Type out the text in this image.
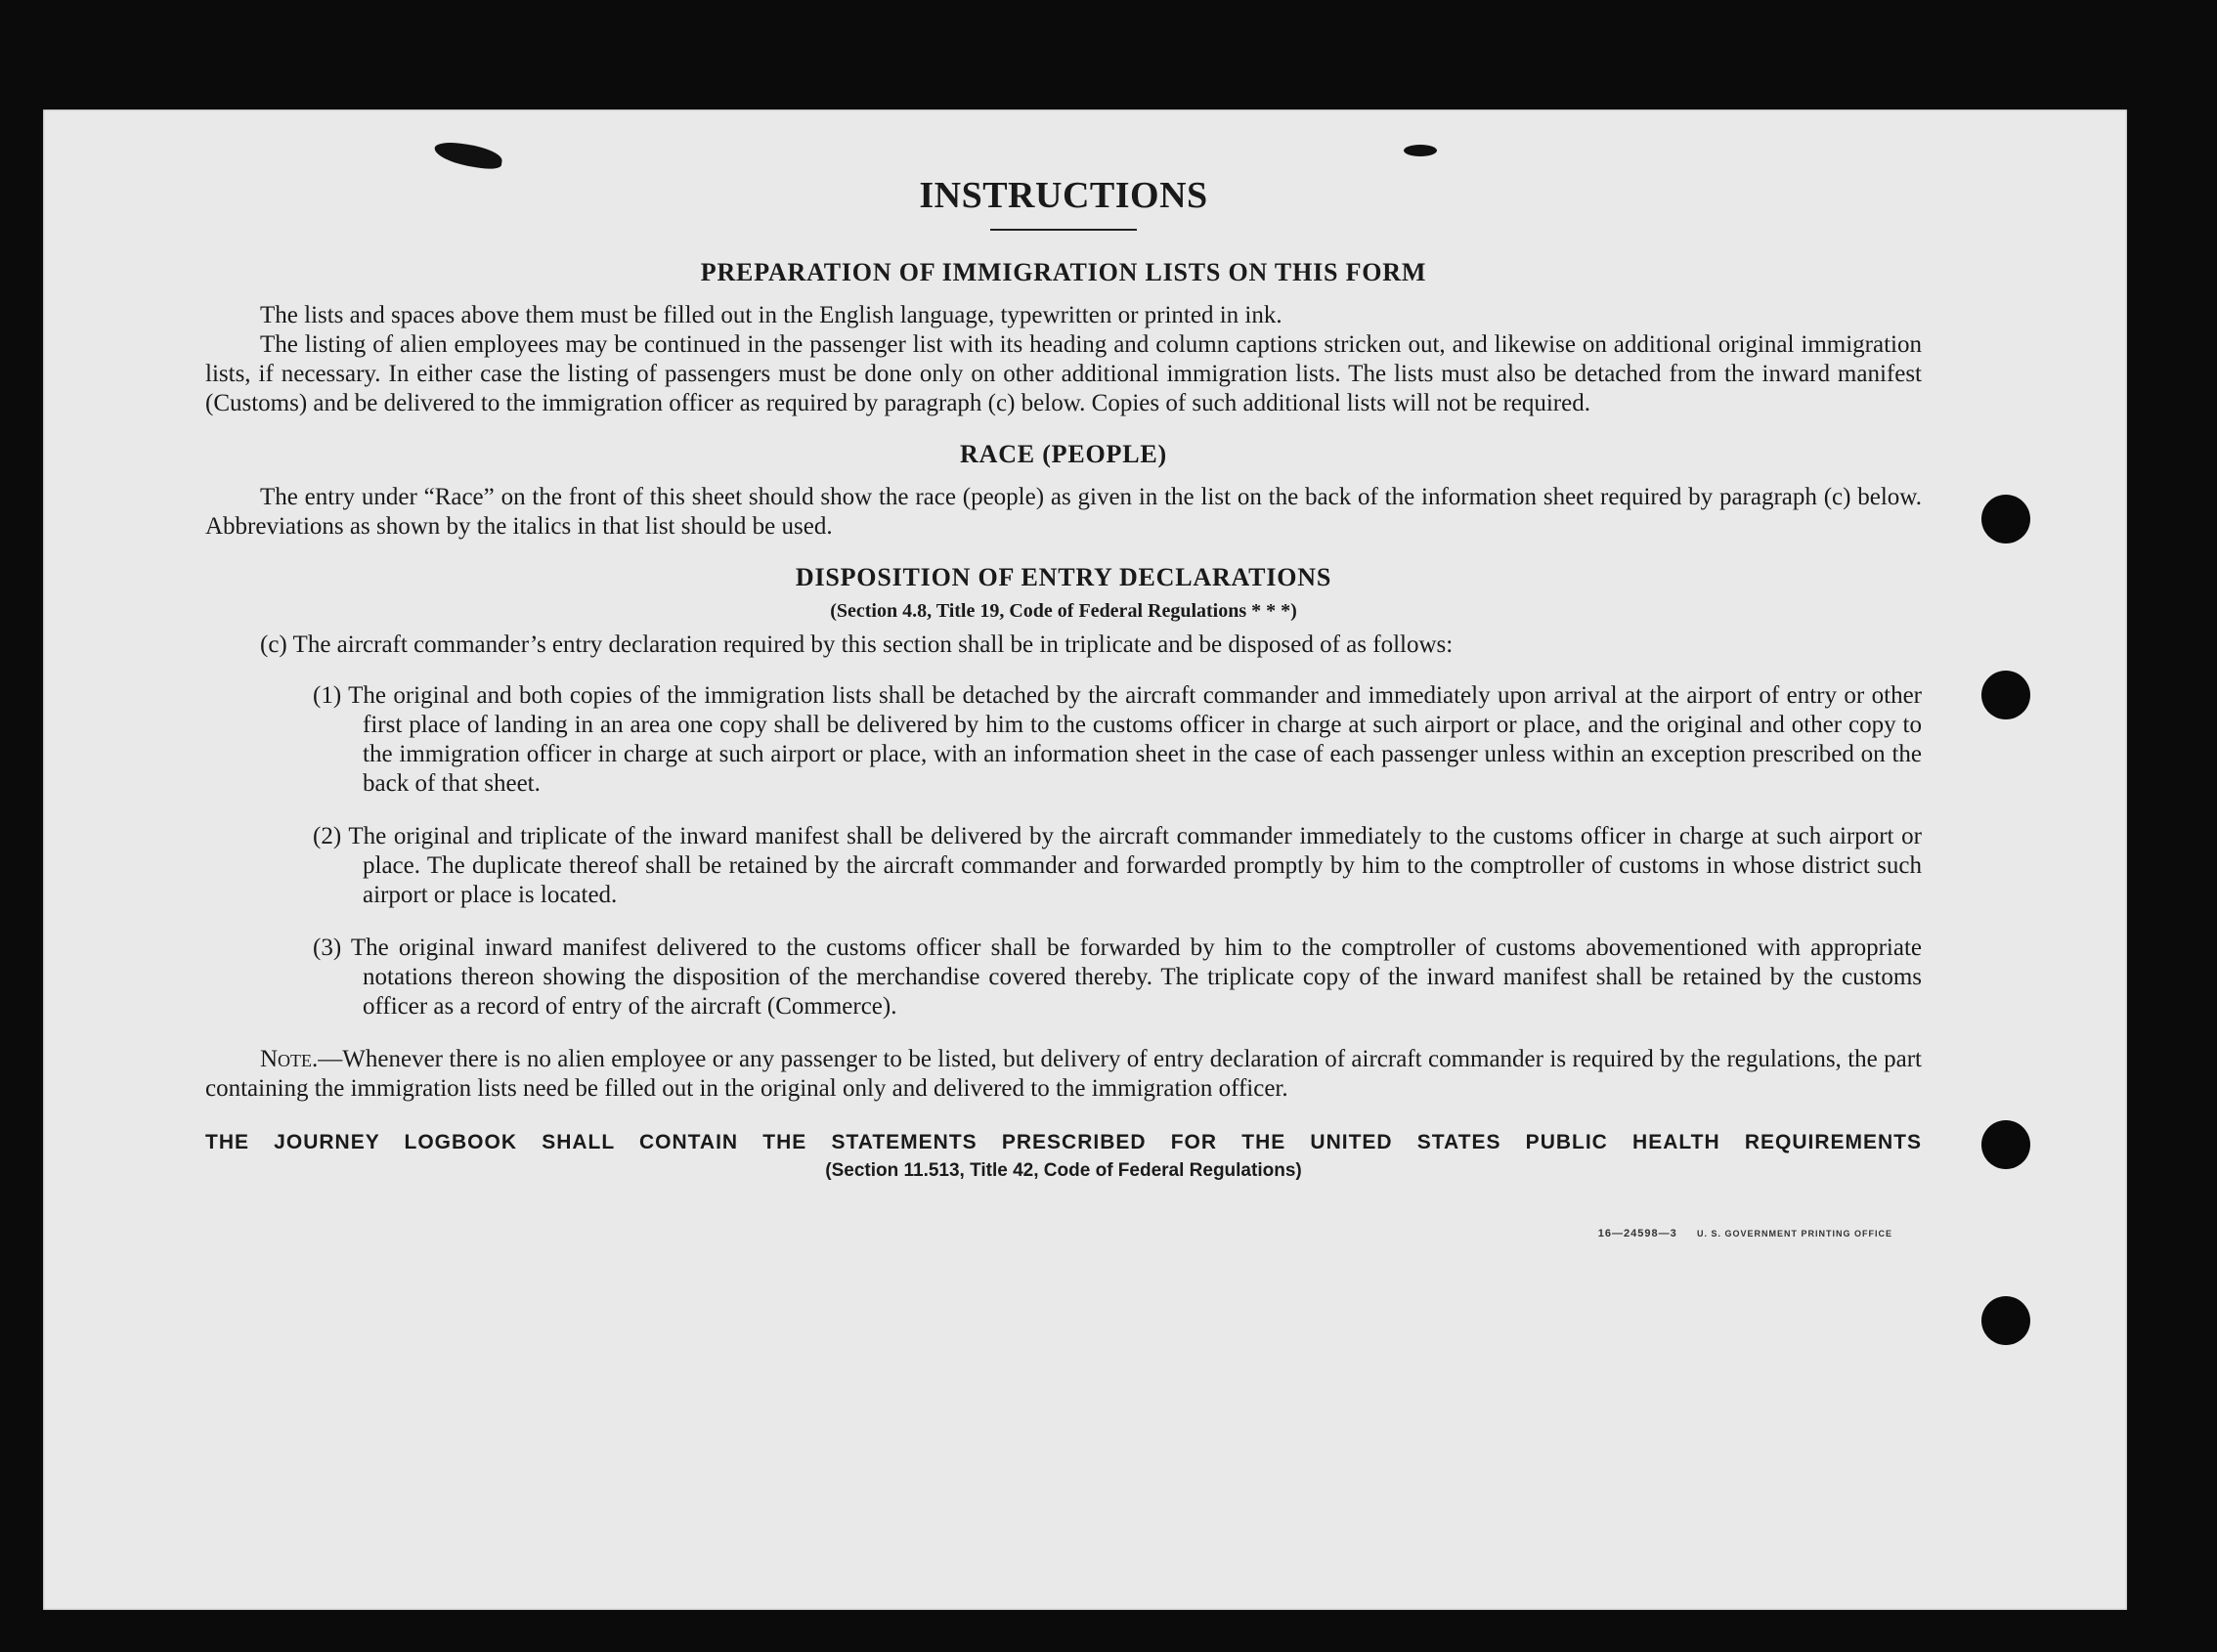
INSTRUCTIONS
PREPARATION OF IMMIGRATION LISTS ON THIS FORM

The lists and spaces above them must be filled out in the English language, typewritten or printed in ink.

The listing of alien employees may be continued in the passenger list with its heading and column captions stricken out, and likewise on additional original immigration lists, if necessary. In either case the listing of passengers must be done only on other additional immigration lists. The lists must also be detached from the inward manifest (Customs) and be delivered to the immigration officer as required by paragraph (c) below. Copies of such additional lists will not be required.

RACE (PEOPLE)

The entry under “Race” on the front of this sheet should show the race (people) as given in the list on the back of the information sheet required by paragraph (c) below. Abbreviations as shown by the italics in that list should be used.

DISPOSITION OF ENTRY DECLARATIONS
(Section 4.8, Title 19, Code of Federal Regulations * * *)

(c) The aircraft commander’s entry declaration required by this section shall be in triplicate and be disposed of as follows:

(1) The original and both copies of the immigration lists shall be detached by the aircraft commander and immediately upon arrival at the airport of entry or other first place of landing in an area one copy shall be delivered by him to the customs officer in charge at such airport or place, and the original and other copy to the immigration officer in charge at such airport or place, with an information sheet in the case of each passenger unless within an exception prescribed on the back of that sheet.

(2) The original and triplicate of the inward manifest shall be delivered by the aircraft commander immediately to the customs officer in charge at such airport or place. The duplicate thereof shall be retained by the aircraft commander and forwarded promptly by him to the comptroller of customs in whose district such airport or place is located.

(3) The original inward manifest delivered to the customs officer shall be forwarded by him to the comptroller of customs abovementioned with appropriate notations thereon showing the disposition of the merchandise covered thereby. The triplicate copy of the inward manifest shall be retained by the customs officer as a record of entry of the aircraft (Commerce).

Note.—Whenever there is no alien employee or any passenger to be listed, but delivery of entry declaration of aircraft commander is required by the regulations, the part containing the immigration lists need be filled out in the original only and delivered to the immigration officer.

THE JOURNEY LOGBOOK SHALL CONTAIN THE STATEMENTS PRESCRIBED FOR THE UNITED STATES PUBLIC HEALTH REQUIREMENTS
(Section 11.513, Title 42, Code of Federal Regulations)
16—24598—3 U. S. GOVERNMENT PRINTING OFFICE
